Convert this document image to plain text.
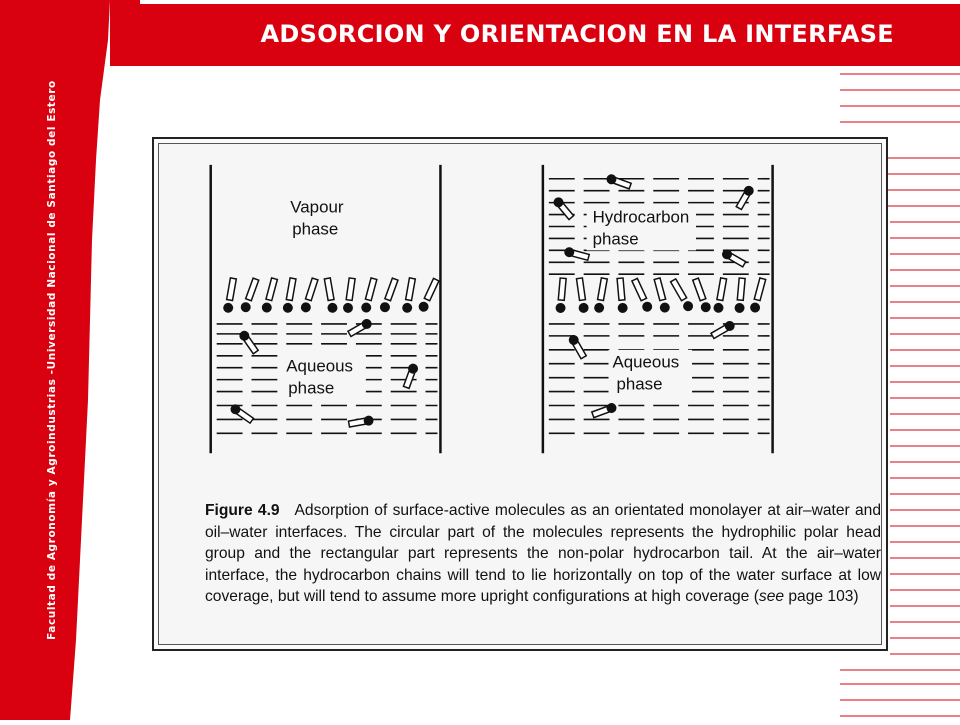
Facultad de Agronomía y Agroindustrias -Universidad Nacional de Santiago del Estero
ADSORCION Y ORIENTACION EN LA INTERFASE
Vapour
phase
Aqueous
phase
Hydrocarbon
phase
Aqueous
phase
Figure 4.9 Adsorption of surface-active molecules as an orientated monolayer at air–water and oil–water interfaces. The circular part of the molecules represents the hydrophilic polar head group and the rectangular part represents the non-polar hydrocarbon tail. At the air–water interface, the hydrocarbon chains will tend to lie horizontally on top of the water surface at low coverage, but will tend to assume more upright configurations at high coverage (see page 103)
